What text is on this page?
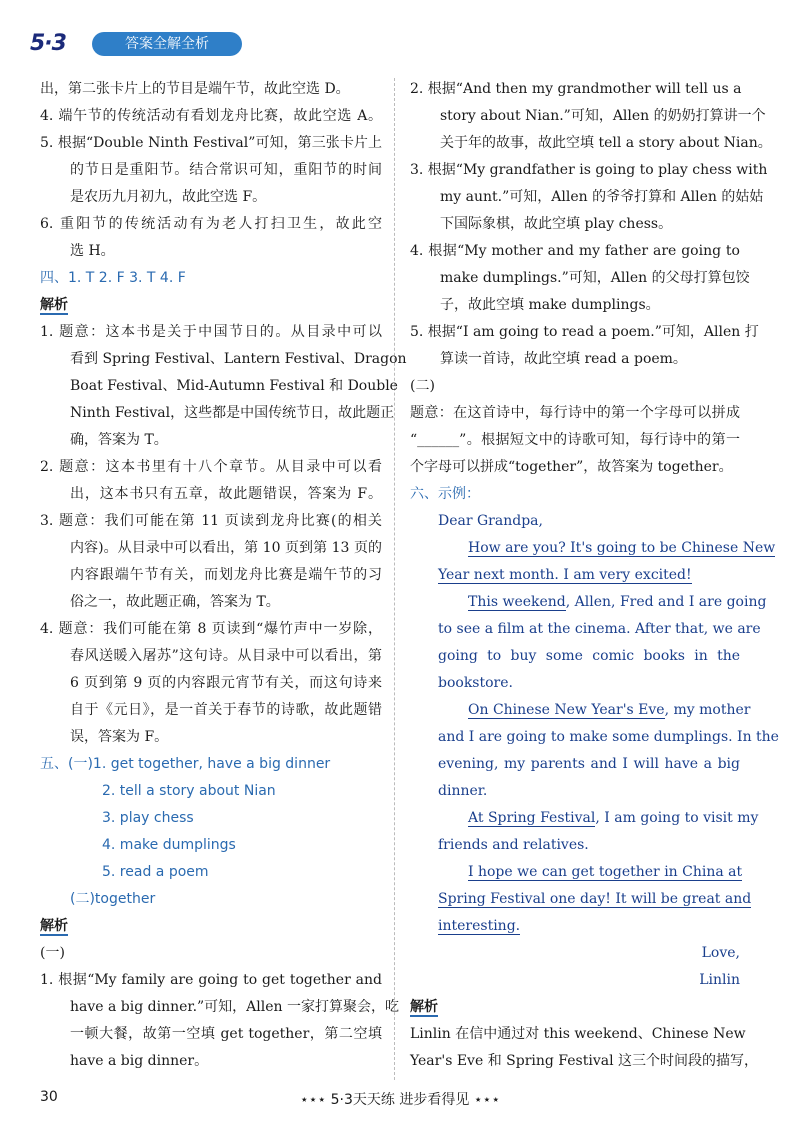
5·3	答案全解全析
出，第二张卡片上的节目是端午节，故此空选 D。
4. 端午节的传统活动有看划龙舟比赛，故此空选 A。
5. 根据“Double Ninth Festival”可知，第三张卡片上
的节日是重阳节。结合常识可知，重阳节的时间
是农历九月初九，故此空选 F。
6. 重阳节的传统活动有为老人打扫卫生，故此空
选 H。
四、1. T 2. F 3. T 4. F
解析
1. 题意：这本书是关于中国节日的。从目录中可以
看到 Spring Festival、Lantern Festival、Dragon
Boat Festival、Mid-Autumn Festival 和 Double
Ninth Festival，这些都是中国传统节日，故此题正
确，答案为 T。
2. 题意：这本书里有十八个章节。从目录中可以看
出，这本书只有五章，故此题错误，答案为 F。
3. 题意：我们可能在第 11 页读到龙舟比赛(的相关
内容)。从目录中可以看出，第 10 页到第 13 页的
内容跟端午节有关，而划龙舟比赛是端午节的习
俗之一，故此题正确，答案为 T。
4. 题意：我们可能在第 8 页读到“爆竹声中一岁除，
春风送暖入屠苏”这句诗。从目录中可以看出，第
6 页到第 9 页的内容跟元宵节有关，而这句诗来
自于《元日》，是一首关于春节的诗歌，故此题错
误，答案为 F。
五、(一)1. get together, have a big dinner
2. tell a story about Nian
3. play chess
4. make dumplings
5. read a poem
(二)together
解析
(一)
1. 根据“My family are going to get together and
have a big dinner.”可知，Allen 一家打算聚会，吃
一顿大餐，故第一空填 get together，第二空填
have a big dinner。
2. 根据“And then my grandmother will tell us a
story about Nian.”可知，Allen 的奶奶打算讲一个
关于年的故事，故此空填 tell a story about Nian。
3. 根据“My grandfather is going to play chess with
my aunt.”可知，Allen 的爷爷打算和 Allen 的姑姑
下国际象棋，故此空填 play chess。
4. 根据“My mother and my father are going to
make dumplings.”可知，Allen 的父母打算包饺
子，故此空填 make dumplings。
5. 根据“I am going to read a poem.”可知，Allen 打
算读一首诗，故此空填 read a poem。
(二)
题意：在这首诗中，每行诗中的第一个字母可以拼成
“______”。根据短文中的诗歌可知，每行诗中的第一
个字母可以拼成“together”，故答案为 together。
六、示例：
Dear Grandpa,
How are you? It's going to be Chinese New
Year next month. I am very excited!
This weekend, Allen, Fred and I are going
to see a film at the cinema. After that, we are
going to buy some comic books in the
bookstore.
On Chinese New Year's Eve, my mother
and I are going to make some dumplings. In the
evening, my parents and I will have a big
dinner.
At Spring Festival, I am going to visit my
friends and relatives.
I hope we can get together in China at
Spring Festival one day! It will be great and
interesting.
Love,
Linlin
解析
Linlin 在信中通过对 this weekend、Chinese New
Year's Eve 和 Spring Festival 这三个时间段的描写，
30	⋆⋆⋆ 5·3天天练 进步看得见 ⋆⋆⋆
